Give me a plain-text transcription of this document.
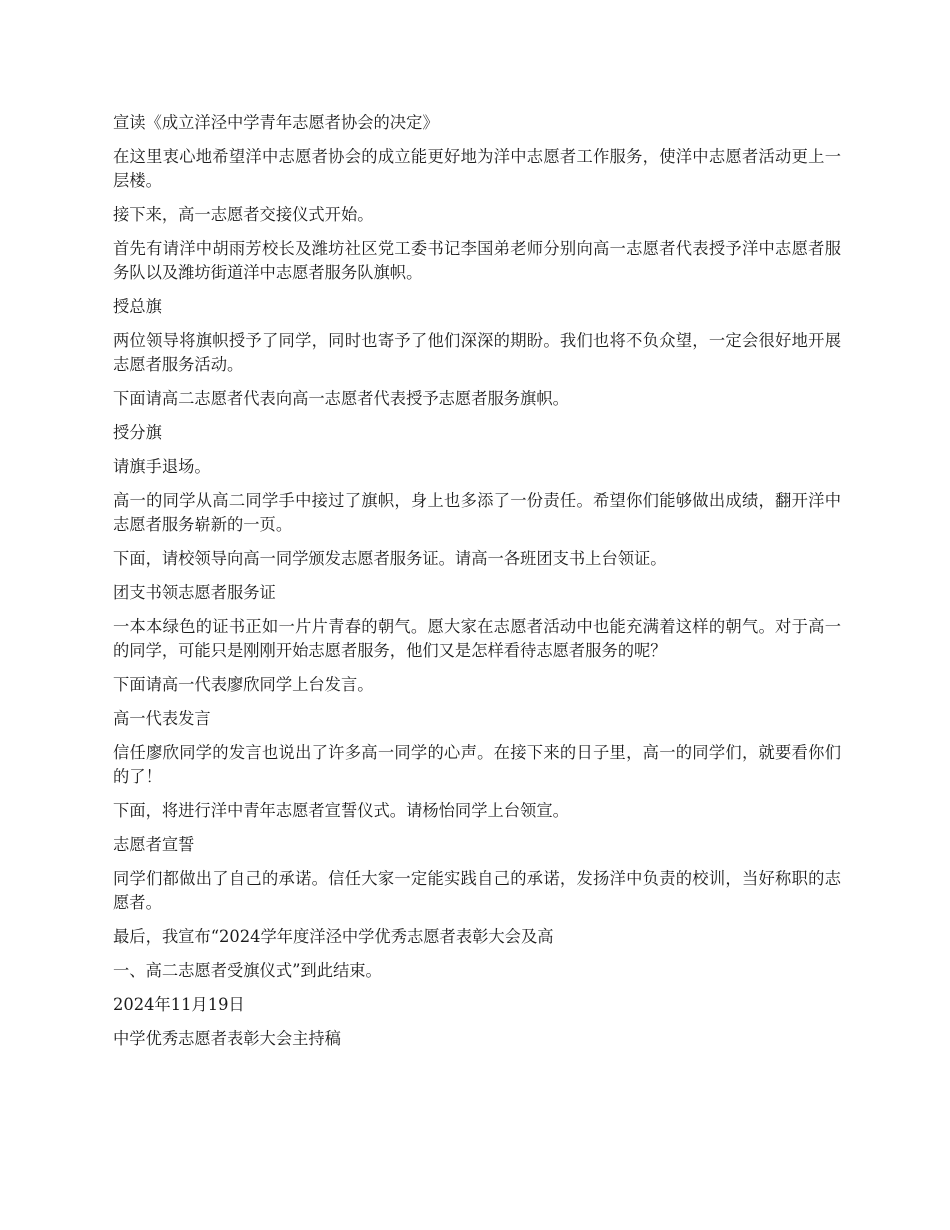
宣读《成立洋泾中学青年志愿者协会的决定》

在这里衷心地希望洋中志愿者协会的成立能更好地为洋中志愿者工作服务，使洋中志愿者活动更上一层楼。

接下来，高一志愿者交接仪式开始。

首先有请洋中胡雨芳校长及潍坊社区党工委书记李国弟老师分别向高一志愿者代表授予洋中志愿者服务队以及潍坊街道洋中志愿者服务队旗帜。

授总旗

两位领导将旗帜授予了同学，同时也寄予了他们深深的期盼。我们也将不负众望，一定会很好地开展志愿者服务活动。

下面请高二志愿者代表向高一志愿者代表授予志愿者服务旗帜。

授分旗

请旗手退场。

高一的同学从高二同学手中接过了旗帜，身上也多添了一份责任。希望你们能够做出成绩，翻开洋中志愿者服务崭新的一页。

下面，请校领导向高一同学颁发志愿者服务证。请高一各班团支书上台领证。

团支书领志愿者服务证

一本本绿色的证书正如一片片青春的朝气。愿大家在志愿者活动中也能充满着这样的朝气。对于高一的同学，可能只是刚刚开始志愿者服务，他们又是怎样看待志愿者服务的呢？

下面请高一代表廖欣同学上台发言。

高一代表发言

信任廖欣同学的发言也说出了许多高一同学的心声。在接下来的日子里，高一的同学们，就要看你们的了！

下面，将进行洋中青年志愿者宣誓仪式。请杨怡同学上台领宣。

志愿者宣誓

同学们都做出了自己的承诺。信任大家一定能实践自己的承诺，发扬洋中负责的校训，当好称职的志愿者。

最后，我宣布“2024学年度洋泾中学优秀志愿者表彰大会及高

一、高二志愿者受旗仪式”到此结束。

2024年11月19日

中学优秀志愿者表彰大会主持稿
